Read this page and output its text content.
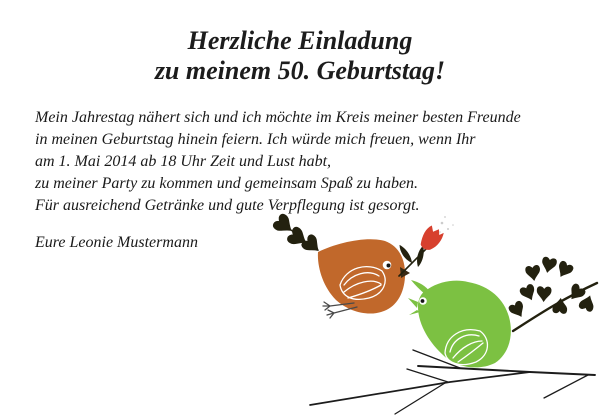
Herzliche Einladung
zu meinem 50. Geburtstag!
Mein Jahrestag nähert sich und ich möchte im Kreis meiner besten Freunde
in meinen Geburtstag hinein feiern. Ich würde mich freuen, wenn Ihr
am 1. Mai 2014 ab 18 Uhr Zeit und Lust habt,
zu meiner Party zu kommen und gemeinsam Spaß zu haben.
Für ausreichend Getränke und gute Verpflegung ist gesorgt.
Eure Leonie Mustermann
